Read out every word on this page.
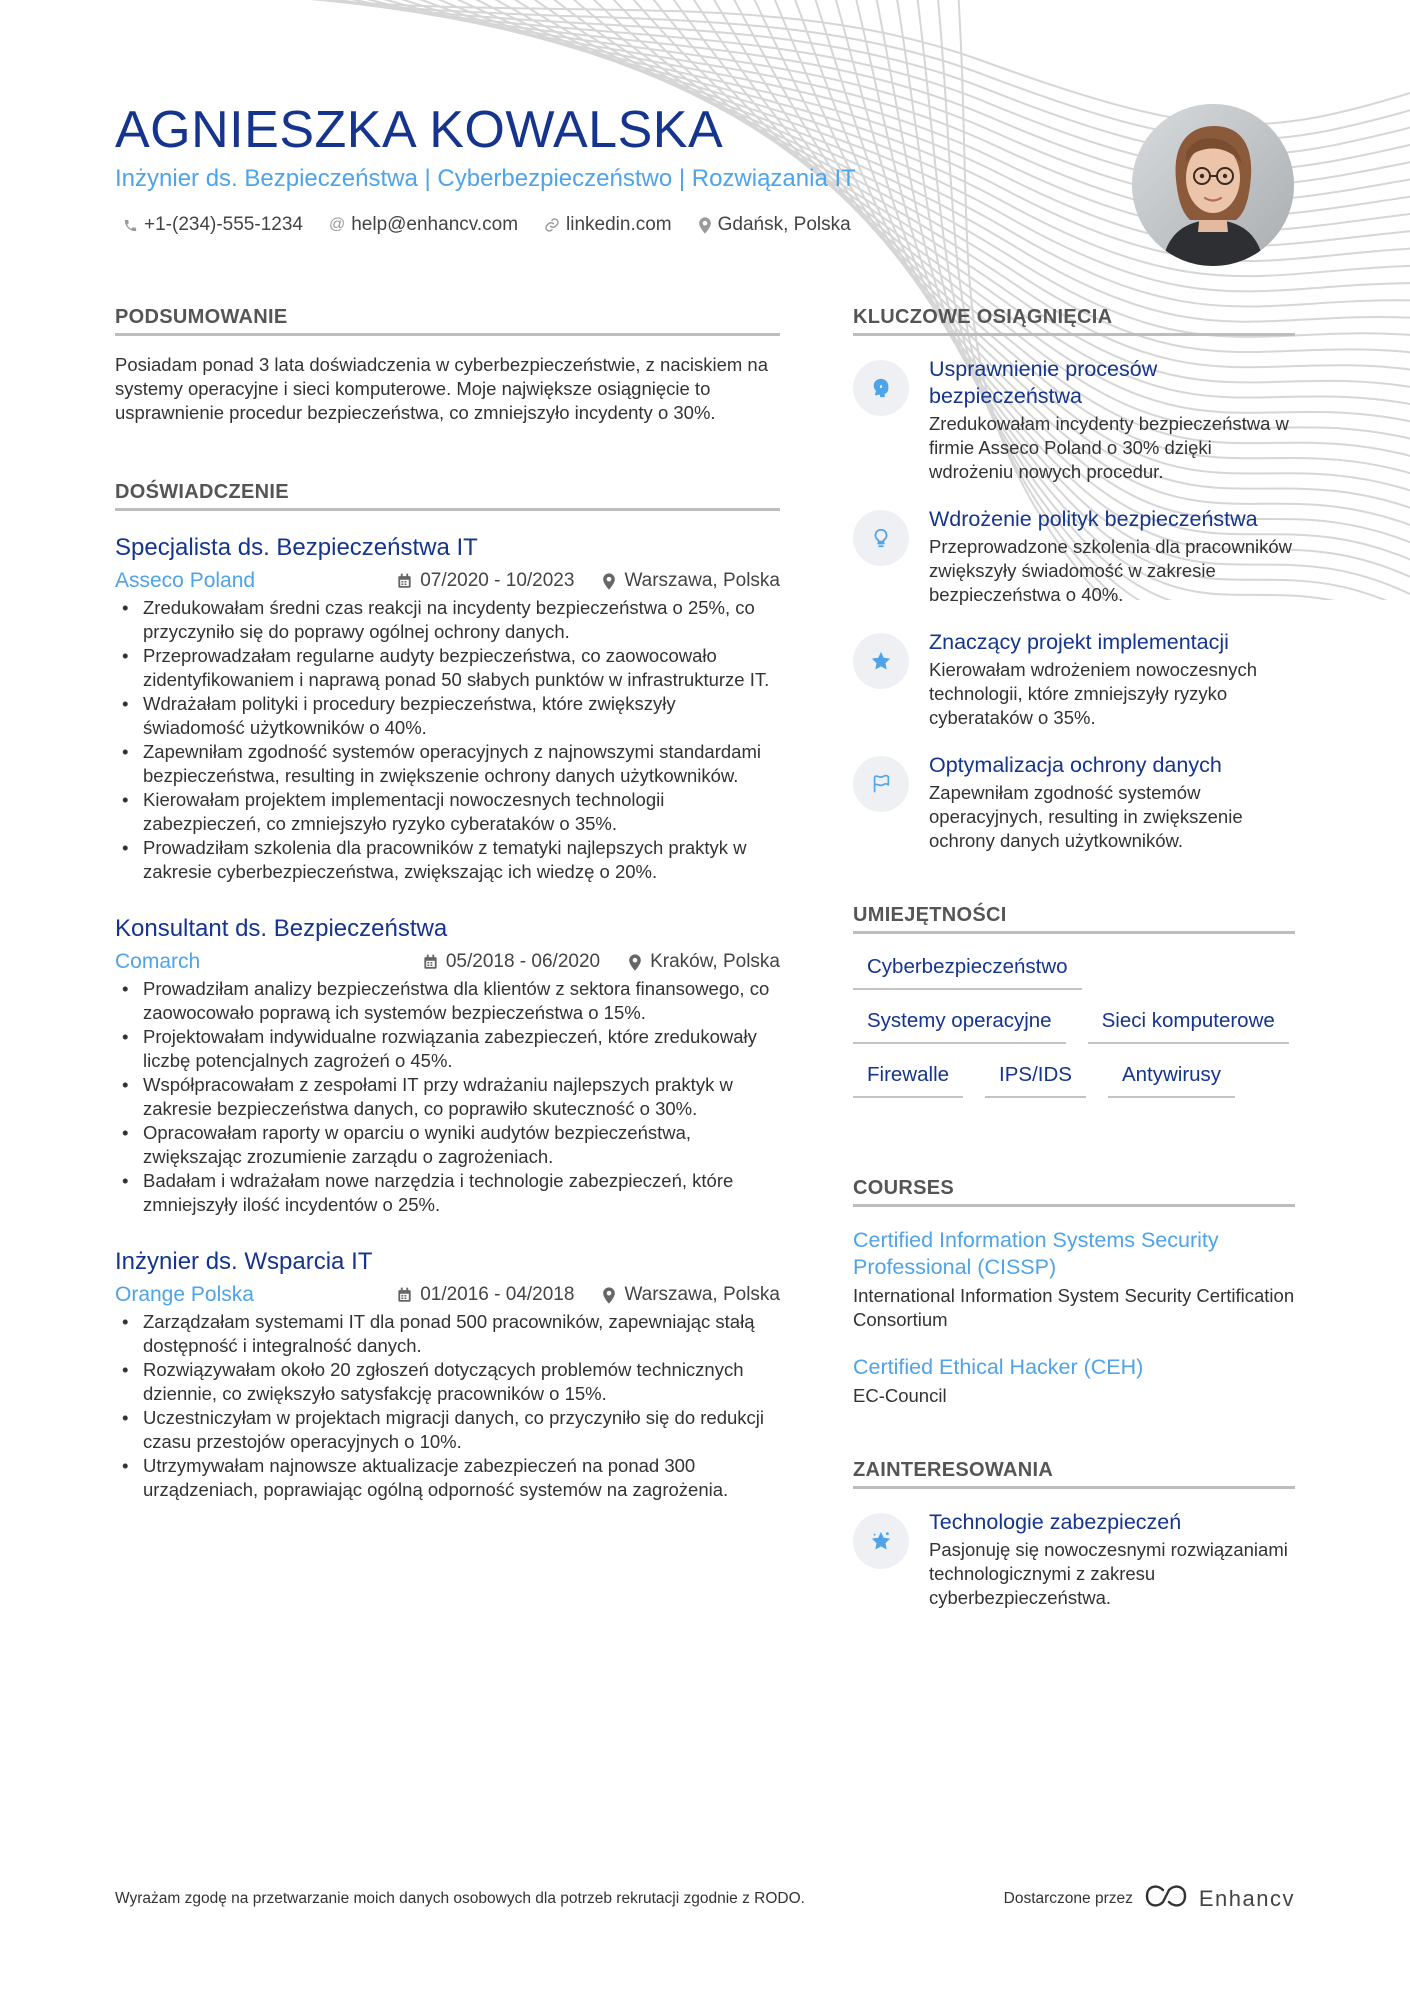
AGNIESZKA KOWALSKA
Inżynier ds. Bezpieczeństwa | Cyberbezpieczeństwo | Rozwiązania IT
+1-(234)-555-1234 @ help@enhancv.com	linkedin.com Gdańsk, Polska
PODSUMOWANIE

Posiadam ponad 3 lata doświadczenia w cyberbezpieczeństwie, z naciskiem na systemy operacyjne i sieci komputerowe. Moje największe osiągnięcie to usprawnienie procedur bezpieczeństwa, co zmniejszyło incydenty o 30%.

DOŚWIADCZENIE
Specjalista ds. Bezpieczeństwa IT
Asseco Poland	07/2020 - 10/2023	Warszawa, Polska
• Zredukowałam średni czas reakcji na incydenty bezpieczeństwa o 25%, co przyczyniło się do poprawy ogólnej ochrony danych.
• Przeprowadzałam regularne audyty bezpieczeństwa, co zaowocowało zidentyfikowaniem i naprawą ponad 50 słabych punktów w infrastrukturze IT.
• Wdrażałam polityki i procedury bezpieczeństwa, które zwiększyły świadomość użytkowników o 40%.
• Zapewniłam zgodność systemów operacyjnych z najnowszymi standardami bezpieczeństwa, resulting in zwiększenie ochrony danych użytkowników.
• Kierowałam projektem implementacji nowoczesnych technologii zabezpieczeń, co zmniejszyło ryzyko cyberataków o 35%.
• Prowadziłam szkolenia dla pracowników z tematyki najlepszych praktyk w zakresie cyberbezpieczeństwa, zwiększając ich wiedzę o 20%.
Konsultant ds. Bezpieczeństwa
Comarch	05/2018 - 06/2020	Kraków, Polska
• Prowadziłam analizy bezpieczeństwa dla klientów z sektora finansowego, co zaowocowało poprawą ich systemów bezpieczeństwa o 15%.
• Projektowałam indywidualne rozwiązania zabezpieczeń, które zredukowały liczbę potencjalnych zagrożeń o 45%.
• Współpracowałam z zespołami IT przy wdrażaniu najlepszych praktyk w zakresie bezpieczeństwa danych, co poprawiło skuteczność o 30%.
• Opracowałam raporty w oparciu o wyniki audytów bezpieczeństwa, zwiększając zrozumienie zarządu o zagrożeniach.
• Badałam i wdrażałam nowe narzędzia i technologie zabezpieczeń, które zmniejszyły ilość incydentów o 25%.
Inżynier ds. Wsparcia IT
Orange Polska	01/2016 - 04/2018	Warszawa, Polska
• Zarządzałam systemami IT dla ponad 500 pracowników, zapewniając stałą dostępność i integralność danych.
• Rozwiązywałam około 20 zgłoszeń dotyczących problemów technicznych dziennie, co zwiększyło satysfakcję pracowników o 15%.
• Uczestniczyłam w projektach migracji danych, co przyczyniło się do redukcji czasu przestojów operacyjnych o 10%.
• Utrzymywałam najnowsze aktualizacje zabezpieczeń na ponad 300 urządzeniach, poprawiając ogólną odporność systemów na zagrożenia.
KLUCZOWE OSIĄGNIĘCIA
Usprawnienie procesów bezpieczeństwa
Zredukowałam incydenty bezpieczeństwa w firmie Asseco Poland o 30% dzięki wdrożeniu nowych procedur.
Wdrożenie polityk bezpieczeństwa
Przeprowadzone szkolenia dla pracowników zwiększyły świadomość w zakresie bezpieczeństwa o 40%.
Znaczący projekt implementacji
Kierowałam wdrożeniem nowoczesnych technologii, które zmniejszyły ryzyko cyberataków o 35%.
Optymalizacja ochrony danych
Zapewniłam zgodność systemów operacyjnych, resulting in zwiększenie ochrony danych użytkowników.
UMIEJĘTNOŚCI
Cyberbezpieczeństwo
Systemy operacyjne	Sieci komputerowe
Firewalle	IPS/IDS	Antywirusy
COURSES
Certified Information Systems Security Professional (CISSP)
International Information System Security Certification Consortium
Certified Ethical Hacker (CEH)
EC-Council
ZAINTERESOWANIA
Technologie zabezpieczeń
Pasjonuję się nowoczesnymi rozwiązaniami technologicznymi z zakresu cyberbezpieczeństwa.
Wyrażam zgodę na przetwarzanie moich danych osobowych dla potrzeb rekrutacji zgodnie z RODO.	Dostarczone przez	Enhancv
